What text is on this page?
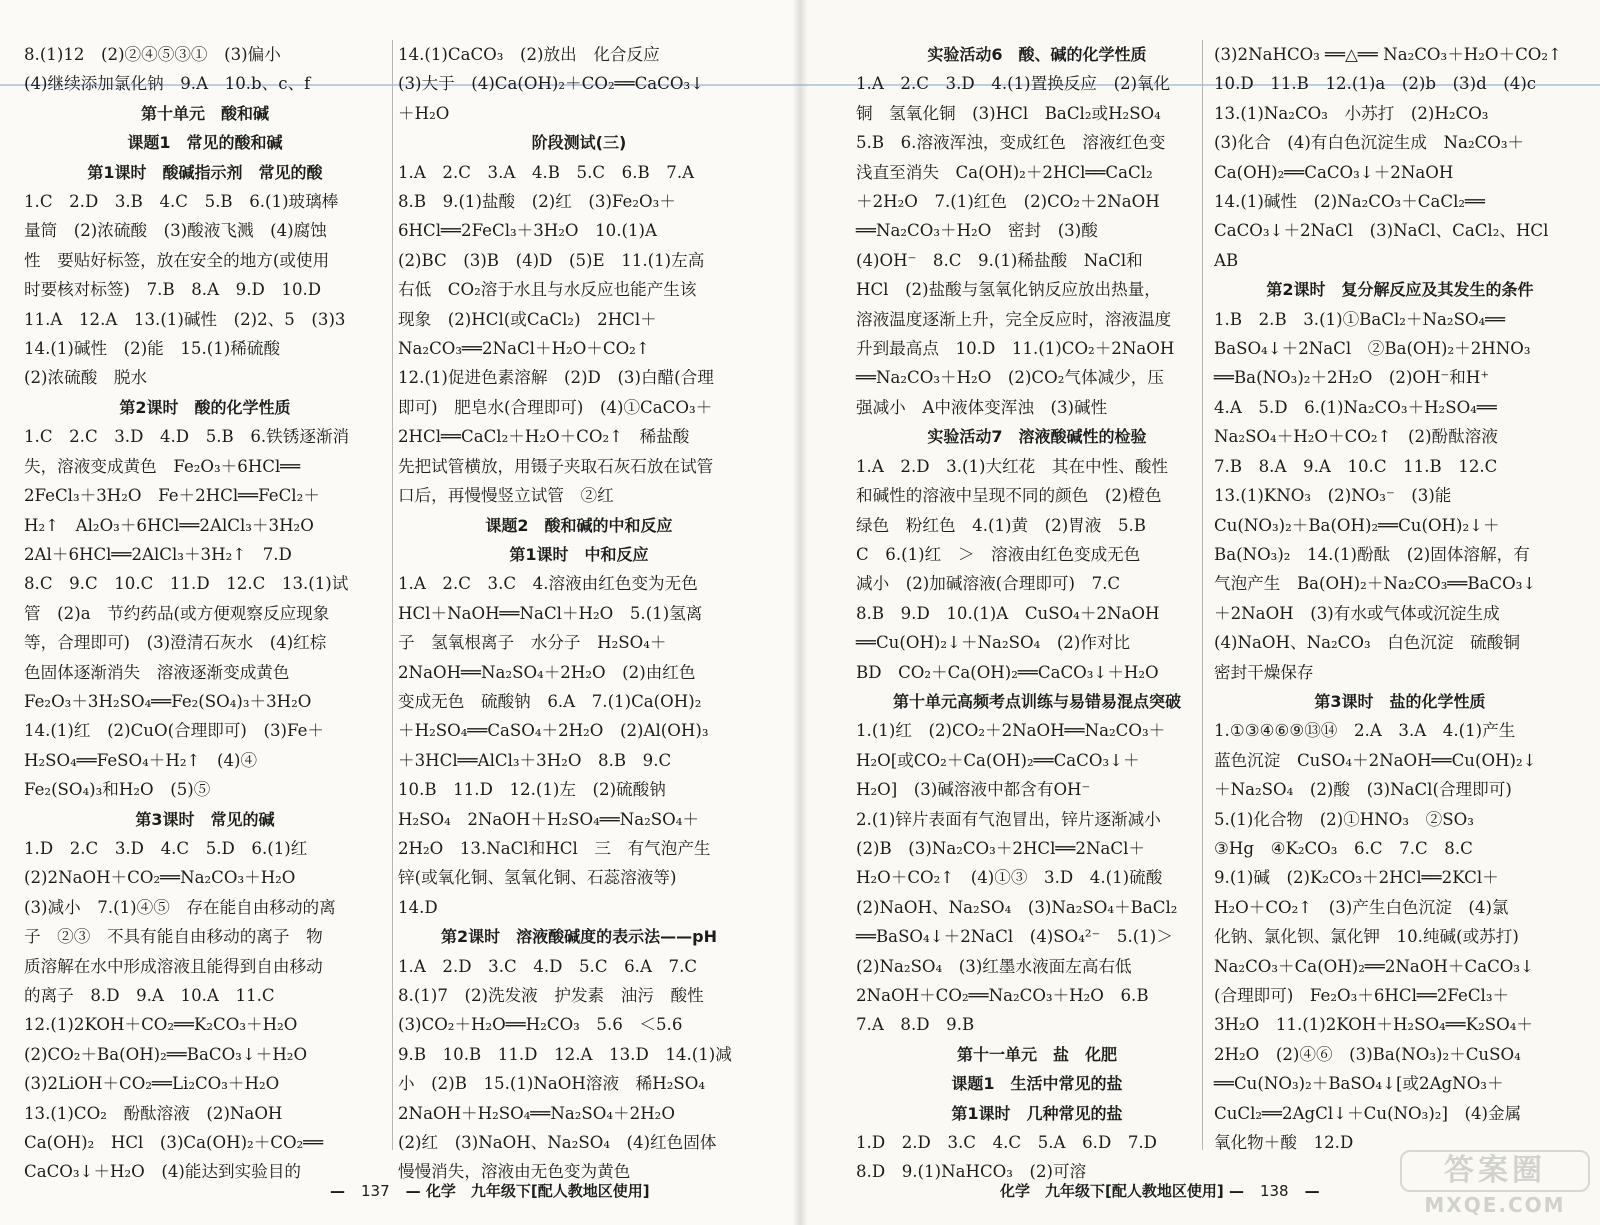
8.(1)12　(2)②④⑤③①　(3)偏小
(4)继续添加氯化钠　9.A　10.b、c、f
第十单元　酸和碱
课题1　常见的酸和碱
第1课时　酸碱指示剂　常见的酸
1.C　2.D　3.B　4.C　5.B　6.(1)玻璃棒
量筒　(2)浓硫酸　(3)酸液飞溅　(4)腐蚀
性　要贴好标签，放在安全的地方(或使用
时要核对标签)　7.B　8.A　9.D　10.D
11.A　12.A　13.(1)碱性　(2)2、5　(3)3
14.(1)碱性　(2)能　15.(1)稀硫酸
(2)浓硫酸　脱水
第2课时　酸的化学性质
1.C　2.C　3.D　4.D　5.B　6.铁锈逐渐消
失，溶液变成黄色　Fe₂O₃＋6HCl══
2FeCl₃＋3H₂O　Fe＋2HCl══FeCl₂＋
H₂↑　Al₂O₃＋6HCl══2AlCl₃＋3H₂O
2Al＋6HCl══2AlCl₃＋3H₂↑　7.D
8.C　9.C　10.C　11.D　12.C　13.(1)试
管　(2)a　节约药品(或方便观察反应现象
等，合理即可)　(3)澄清石灰水　(4)红棕
色固体逐渐消失　溶液逐渐变成黄色
Fe₂O₃＋3H₂SO₄══Fe₂(SO₄)₃＋3H₂O
14.(1)红　(2)CuO(合理即可)　(3)Fe＋
H₂SO₄══FeSO₄＋H₂↑　(4)④
Fe₂(SO₄)₃和H₂O　(5)⑤
第3课时　常见的碱
1.D　2.C　3.D　4.C　5.D　6.(1)红
(2)2NaOH＋CO₂══Na₂CO₃＋H₂O
(3)减小　7.(1)④⑤　存在能自由移动的离
子　②③　不具有能自由移动的离子　物
质溶解在水中形成溶液且能得到自由移动
的离子　8.D　9.A　10.A　11.C
12.(1)2KOH＋CO₂══K₂CO₃＋H₂O
(2)CO₂＋Ba(OH)₂══BaCO₃↓＋H₂O
(3)2LiOH＋CO₂══Li₂CO₃＋H₂O
13.(1)CO₂　酚酞溶液　(2)NaOH
Ca(OH)₂　HCl　(3)Ca(OH)₂＋CO₂══
CaCO₃↓＋H₂O　(4)能达到实验目的
14.(1)CaCO₃　(2)放出　化合反应
(3)大于　(4)Ca(OH)₂＋CO₂══CaCO₃↓
＋H₂O
阶段测试(三)
1.A　2.C　3.A　4.B　5.C　6.B　7.A
8.B　9.(1)盐酸　(2)红　(3)Fe₂O₃＋
6HCl══2FeCl₃＋3H₂O　10.(1)A
(2)BC　(3)B　(4)D　(5)E　11.(1)左高
右低　CO₂溶于水且与水反应也能产生该
现象　(2)HCl(或CaCl₂)　2HCl＋
Na₂CO₃══2NaCl＋H₂O＋CO₂↑
12.(1)促进色素溶解　(2)D　(3)白醋(合理
即可)　肥皂水(合理即可)　(4)①CaCO₃＋
2HCl══CaCl₂＋H₂O＋CO₂↑　稀盐酸
先把试管横放，用镊子夹取石灰石放在试管
口后，再慢慢竖立试管　②红
课题2　酸和碱的中和反应
第1课时　中和反应
1.A　2.C　3.C　4.溶液由红色变为无色
HCl＋NaOH══NaCl＋H₂O　5.(1)氢离
子　氢氧根离子　水分子　H₂SO₄＋
2NaOH══Na₂SO₄＋2H₂O　(2)由红色
变成无色　硫酸钠　6.A　7.(1)Ca(OH)₂
＋H₂SO₄══CaSO₄＋2H₂O　(2)Al(OH)₃
＋3HCl══AlCl₃＋3H₂O　8.B　9.C
10.B　11.D　12.(1)左　(2)硫酸钠
H₂SO₄　2NaOH＋H₂SO₄══Na₂SO₄＋
2H₂O　13.NaCl和HCl　三　有气泡产生
锌(或氧化铜、氢氧化铜、石蕊溶液等)
14.D
第2课时　溶液酸碱度的表示法——pH
1.A　2.D　3.C　4.D　5.C　6.A　7.C
8.(1)7　(2)洗发液　护发素　油污　酸性
(3)CO₂＋H₂O══H₂CO₃　5.6　＜5.6
9.B　10.B　11.D　12.A　13.D　14.(1)减
小　(2)B　15.(1)NaOH溶液　稀H₂SO₄
2NaOH＋H₂SO₄══Na₂SO₄＋2H₂O
(2)红　(3)NaOH、Na₂SO₄　(4)红色固体
慢慢消失，溶液由无色变为黄色
实验活动6　酸、碱的化学性质
1.A　2.C　3.D　4.(1)置换反应　(2)氧化
铜　氢氧化铜　(3)HCl　BaCl₂或H₂SO₄
5.B　6.溶液浑浊，变成红色　溶液红色变
浅直至消失　Ca(OH)₂＋2HCl══CaCl₂
＋2H₂O　7.(1)红色　(2)CO₂＋2NaOH
══Na₂CO₃＋H₂O　密封　(3)酸
(4)OH⁻　8.C　9.(1)稀盐酸　NaCl和
HCl　(2)盐酸与氢氧化钠反应放出热量，
溶液温度逐渐上升，完全反应时，溶液温度
升到最高点　10.D　11.(1)CO₂＋2NaOH
══Na₂CO₃＋H₂O　(2)CO₂气体减少，压
强减小　A中液体变浑浊　(3)碱性
实验活动7　溶液酸碱性的检验
1.A　2.D　3.(1)大红花　其在中性、酸性
和碱性的溶液中呈现不同的颜色　(2)橙色
绿色　粉红色　4.(1)黄　(2)胃液　5.B
C　6.(1)红　＞　溶液由红色变成无色
减小　(2)加碱溶液(合理即可)　7.C
8.B　9.D　10.(1)A　CuSO₄＋2NaOH
══Cu(OH)₂↓＋Na₂SO₄　(2)作对比
BD　CO₂＋Ca(OH)₂══CaCO₃↓＋H₂O
第十单元高频考点训练与易错易混点突破
1.(1)红　(2)CO₂＋2NaOH══Na₂CO₃＋
H₂O[或CO₂＋Ca(OH)₂══CaCO₃↓＋
H₂O]　(3)碱溶液中都含有OH⁻
2.(1)锌片表面有气泡冒出，锌片逐渐减小
(2)B　(3)Na₂CO₃＋2HCl══2NaCl＋
H₂O＋CO₂↑　(4)①③　3.D　4.(1)硫酸
(2)NaOH、Na₂SO₄　(3)Na₂SO₄＋BaCl₂
══BaSO₄↓＋2NaCl　(4)SO₄²⁻　5.(1)＞
(2)Na₂SO₄　(3)红墨水液面左高右低
2NaOH＋CO₂══Na₂CO₃＋H₂O　6.B
7.A　8.D　9.B
第十一单元　盐　化肥
课题1　生活中常见的盐
第1课时　几种常见的盐
1.D　2.D　3.C　4.C　5.A　6.D　7.D
8.D　9.(1)NaHCO₃　(2)可溶
(3)2NaHCO₃ ══△══ Na₂CO₃＋H₂O＋CO₂↑
10.D　11.B　12.(1)a　(2)b　(3)d　(4)c
13.(1)Na₂CO₃　小苏打　(2)H₂CO₃
(3)化合　(4)有白色沉淀生成　Na₂CO₃＋
Ca(OH)₂══CaCO₃↓＋2NaOH
14.(1)碱性　(2)Na₂CO₃＋CaCl₂══
CaCO₃↓＋2NaCl　(3)NaCl、CaCl₂、HCl
AB
第2课时　复分解反应及其发生的条件
1.B　2.B　3.(1)①BaCl₂＋Na₂SO₄══
BaSO₄↓＋2NaCl　②Ba(OH)₂＋2HNO₃
══Ba(NO₃)₂＋2H₂O　(2)OH⁻和H⁺
4.A　5.D　6.(1)Na₂CO₃＋H₂SO₄══
Na₂SO₄＋H₂O＋CO₂↑　(2)酚酞溶液
7.B　8.A　9.A　10.C　11.B　12.C
13.(1)KNO₃　(2)NO₃⁻　(3)能
Cu(NO₃)₂＋Ba(OH)₂══Cu(OH)₂↓＋
Ba(NO₃)₂　14.(1)酚酞　(2)固体溶解，有
气泡产生　Ba(OH)₂＋Na₂CO₃══BaCO₃↓
＋2NaOH　(3)有水或气体或沉淀生成
(4)NaOH、Na₂CO₃　白色沉淀　硫酸铜
密封干燥保存
第3课时　盐的化学性质
1.①③④⑥⑨⑬⑭　2.A　3.A　4.(1)产生
蓝色沉淀　CuSO₄＋2NaOH══Cu(OH)₂↓
＋Na₂SO₄　(2)酸　(3)NaCl(合理即可)
5.(1)化合物　(2)①HNO₃　②SO₃
③Hg　④K₂CO₃　6.C　7.C　8.C
9.(1)碱　(2)K₂CO₃＋2HCl══2KCl＋
H₂O＋CO₂↑　(3)产生白色沉淀　(4)氯
化钠、氯化钡、氯化钾　10.纯碱(或苏打)
Na₂CO₃＋Ca(OH)₂══2NaOH＋CaCO₃↓
(合理即可)　Fe₂O₃＋6HCl══2FeCl₃＋
3H₂O　11.(1)2KOH＋H₂SO₄══K₂SO₄＋
2H₂O　(2)④⑥　(3)Ba(NO₃)₂＋CuSO₄
══Cu(NO₃)₂＋BaSO₄↓[或2AgNO₃＋
CuCl₂══2AgCl↓＋Cu(NO₃)₂]　(4)金属
氧化物＋酸　12.D
— 137 — 化学　九年级下[配人教地区使用]	化学　九年级下[配人教地区使用] — 138 —
答案圈
MXQE.COM
